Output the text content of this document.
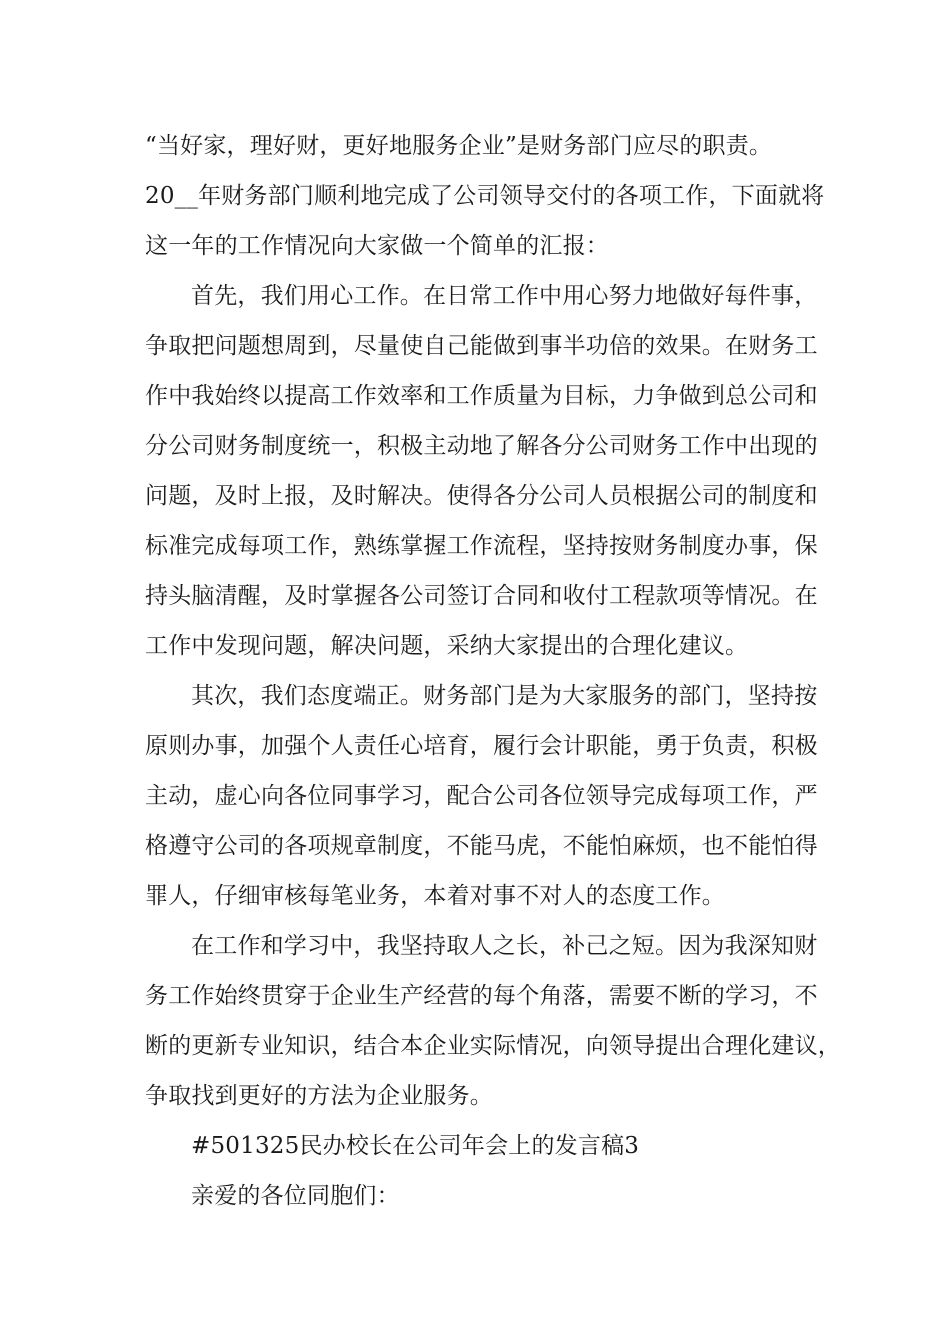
“当好家，理好财，更好地服务企业”是财务部门应尽的职责。
20__年财务部门顺利地完成了公司领导交付的各项工作，下面就将
这一年的工作情况向大家做一个简单的汇报：
首先，我们用心工作。在日常工作中用心努力地做好每件事，
争取把问题想周到，尽量使自己能做到事半功倍的效果。在财务工
作中我始终以提高工作效率和工作质量为目标，力争做到总公司和
分公司财务制度统一，积极主动地了解各分公司财务工作中出现的
问题，及时上报，及时解决。使得各分公司人员根据公司的制度和
标准完成每项工作，熟练掌握工作流程，坚持按财务制度办事，保
持头脑清醒，及时掌握各公司签订合同和收付工程款项等情况。在
工作中发现问题，解决问题，采纳大家提出的合理化建议。
其次，我们态度端正。财务部门是为大家服务的部门，坚持按
原则办事，加强个人责任心培育，履行会计职能，勇于负责，积极
主动，虚心向各位同事学习，配合公司各位领导完成每项工作，严
格遵守公司的各项规章制度，不能马虎，不能怕麻烦，也不能怕得
罪人，仔细审核每笔业务，本着对事不对人的态度工作。
在工作和学习中，我坚持取人之长，补己之短。因为我深知财
务工作始终贯穿于企业生产经营的每个角落，需要不断的学习，不
断的更新专业知识，结合本企业实际情况，向领导提出合理化建议，
争取找到更好的方法为企业服务。
#501325民办校长在公司年会上的发言稿3
亲爱的各位同胞们：
